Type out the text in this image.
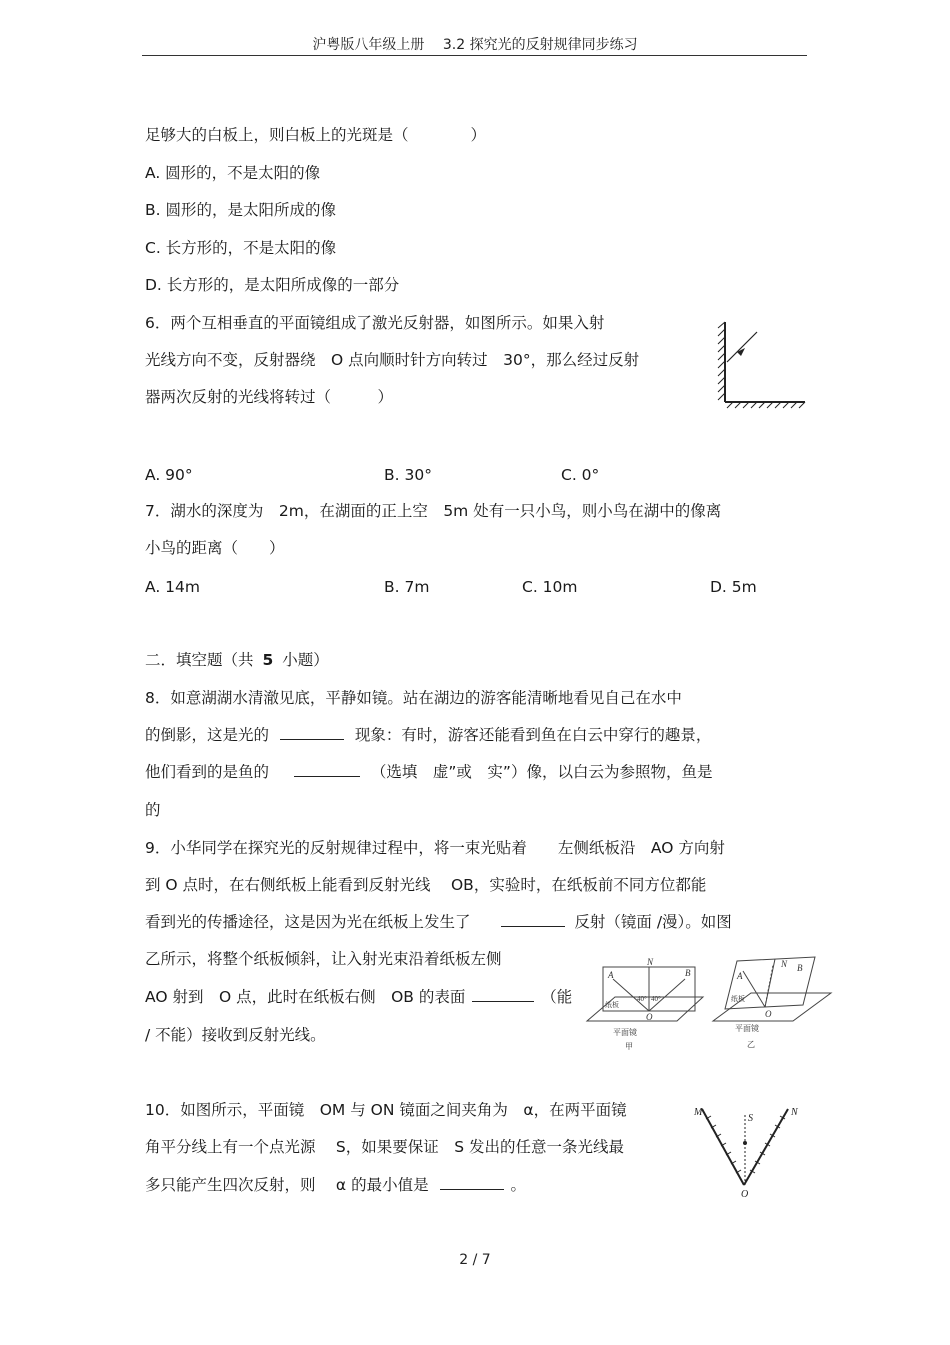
沪粤版八年级上册　 3.2 探究光的反射规律同步练习
足够大的白板上，则白板上的光斑是（　　　　）
A. 圆形的，不是太阳的像
B. 圆形的，是太阳所成的像
C. 长方形的，不是太阳的像
D. 长方形的，是太阳所成像的一部分
6．两个互相垂直的平面镜组成了激光反射器，如图所示。如果入射
光线方向不变，反射器绕　O 点向顺时针方向转过　30°，那么经过反射
器两次反射的光线将转过（　　　）
A. 90°	B. 30°	C. 0°
7．湖水的深度为　2m，在湖面的正上空　5m 处有一只小鸟，则小鸟在湖中的像离
小鸟的距离（　　）
A. 14m	B. 7m	C. 10m	D. 5m
二．填空题（共 5 小题）
8．如意湖湖水清澈见底，平静如镜。站在湖边的游客能清晰地看见自己在水中
的倒影，这是光的	现象：有时，游客还能看到鱼在白云中穿行的趣景，
他们看到的是鱼的	（选填　虚”或　实”）像，以白云为参照物，鱼是
的
9．小华同学在探究光的反射规律过程中，将一束光贴着　　左侧纸板沿　AO 方向射
到 O 点时，在右侧纸板上能看到反射光线　 OB，实验时，在纸板前不同方位都能
看到光的传播途径，这是因为光在纸板上发生了	反射（镜面 /漫）。如图
乙所示，将整个纸板倾斜，让入射光束沿着纸板左侧
AO 射到　O 点，此时在纸板右侧　OB 的表面	（能
/ 不能）接收到反射光线。
A	B
N
O
40° 40°
纸板
平面镜
甲
A
N B
O
纸板
平面镜
乙
10．如图所示，平面镜　OM 与 ON 镜面之间夹角为　α，在两平面镜
角平分线上有一个点光源　 S，如果要保证　S 发出的任意一条光线最
多只能产生四次反射，则　 α 的最小值是	。
M	N
S
O
2 / 7
